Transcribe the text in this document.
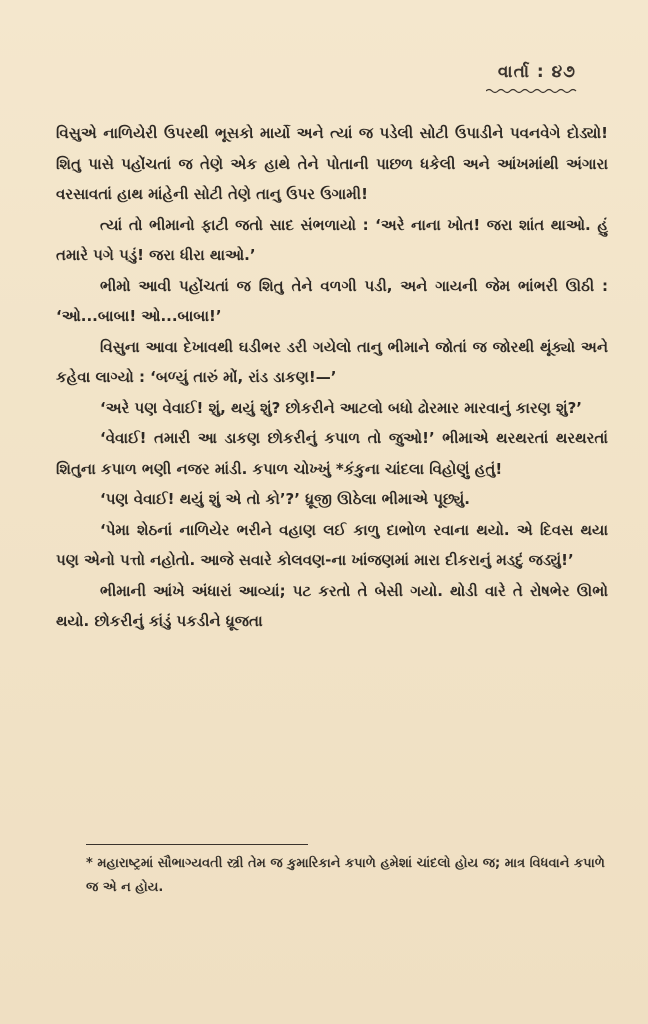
વાર્તા : ૪૭

વિસુએ નાળિયેરી ઉપરથી ભૂસકો માર્યો અને ત્યાં જ પડેલી સોટી ઉપાડીને પવનવેગે દોડ્યો! શિતુ પાસે પહોંચતાં જ તેણે એક હાથે તેને પોતાની પાછળ ધકેલી અને આંખમાંથી અંગારા વરસાવતાં હાથ માંહેની સોટી તેણે તાનુ ઉપર ઉગામી!

ત્યાં તો ભીમાનો ફાટી જતો સાદ સંભળાયો : ‘અરે નાના ખોત! જરા શાંત થાઓ. હું તમારે પગે પડું! જરા ધીરા થાઓ.’

ભીમો આવી પહોંચતાં જ શિતુ તેને વળગી પડી, અને ગાયની જેમ ભાંભરી ઊઠી : ‘ઓ...બાબા! ઓ...બાબા!’

વિસુના આવા દેખાવથી ઘડીભર ડરી ગયેલો તાનુ ભીમાને જોતાં જ જોરથી થૂંક્યો અને કહેવા લાગ્યો : ‘બળ્યું તારું મોં, રાંડ ડાકણ!—’

‘અરે પણ વેવાઈ! શું, થયું શું? છોકરીને આટલો બધો ઢોરમાર મારવાનું કારણ શું?’

‘વેવાઈ! તમારી આ ડાકણ છોકરીનું કપાળ તો જુઓ!’ ભીમાએ થરથરતાં થરથરતાં શિતુના કપાળ ભણી નજર માંડી. કપાળ ચોખ્ખું *કંકુના ચાંદલા વિહોણું હતું!

‘પણ વેવાઈ! થયું શું એ તો કો’?’ ધ્રૂજી ઊઠેલા ભીમાએ પૂછ્યું.

‘પેમા શેઠનાં નાળિયેર ભરીને વહાણ લઈ કાળુ દાભોળ રવાના થયો. એ દિવસ થયા પણ એનો પત્તો નહોતો. આજે સવારે કોલવણ-ના ખાંજણમાં મારા દીકરાનું મડદું જડ્યું!’

ભીમાની આંખે અંધારાં આવ્યાં; પટ કરતો તે બેસી ગયો. થોડી વારે તે રોષભેર ઊભો થયો. છોકરીનું કાંડું પકડીને ધ્રૂજતા

* મહારાષ્ટ્રમાં સૌભાગ્યવતી સ્ત્રી તેમ જ કુમારિકાને કપાળે હમેશાં ચાંદલો હોય જ; માત્ર વિધવાને કપાળે જ એ ન હોય.
